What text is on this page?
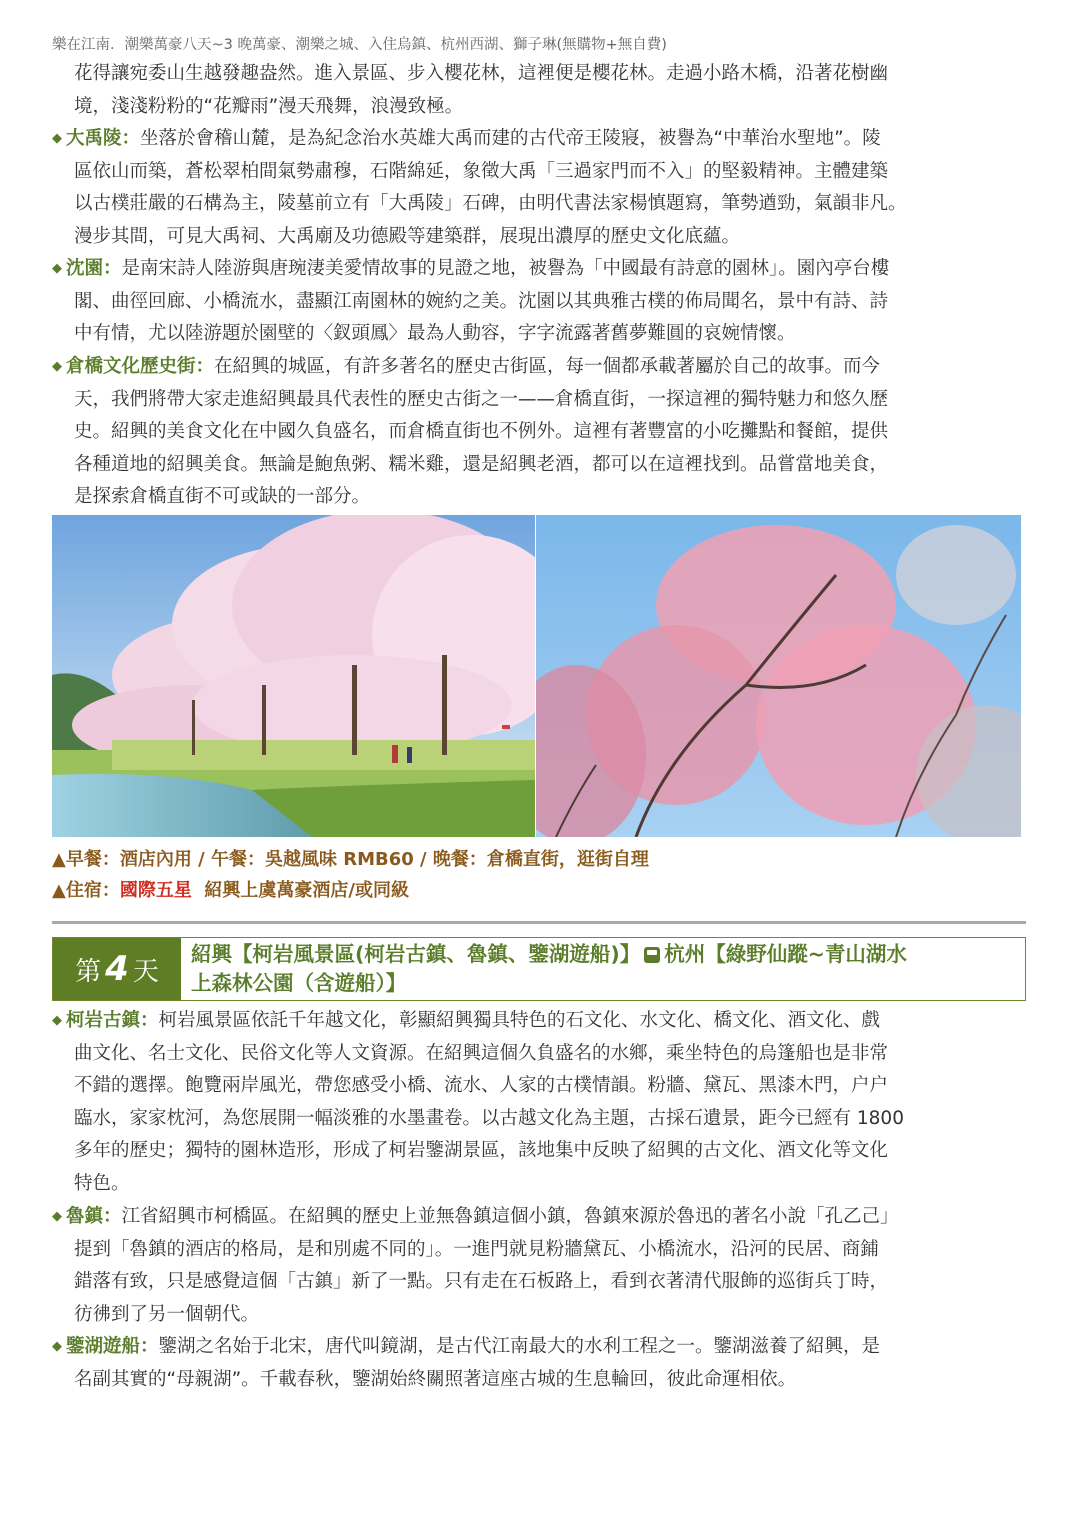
樂在江南．潮樂萬豪八天~3 晚萬豪、潮樂之城、入住烏鎮、杭州西湖、獅子琳(無購物+無自費)
花得讓宛委山生越發趣盎然。進入景區、步入櫻花林，這裡便是櫻花林。走過小路木橋，沿著花樹幽
境，淺淺粉粉的“花瓣雨”漫天飛舞，浪漫致極。
◆ 大禹陵：坐落於會稽山麓，是為紀念治水英雄大禹而建的古代帝王陵寢，被譽為“中華治水聖地”。陵
區依山而築，蒼松翠柏間氣勢肅穆，石階綿延，象徵大禹「三過家門而不入」的堅毅精神。主體建築
以古樸莊嚴的石構為主，陵墓前立有「大禹陵」石碑，由明代書法家楊慎題寫，筆勢遒勁，氣韻非凡。
漫步其間，可見大禹祠、大禹廟及功德殿等建築群，展現出濃厚的歷史文化底蘊。
◆ 沈園：是南宋詩人陸游與唐琬淒美愛情故事的見證之地，被譽為「中國最有詩意的園林」。園內亭台樓
閣、曲徑回廊、小橋流水，盡顯江南園林的婉約之美。沈園以其典雅古樸的佈局聞名，景中有詩、詩
中有情，尤以陸游題於園壁的〈釵頭鳳〉最為人動容，字字流露著舊夢難圓的哀婉情懷。
◆ 倉橋文化歷史街：在紹興的城區，有許多著名的歷史古街區，每一個都承載著屬於自己的故事。而今
天，我們將帶大家走進紹興最具代表性的歷史古街之一——倉橋直街，一探這裡的獨特魅力和悠久歷
史。紹興的美食文化在中國久負盛名，而倉橋直街也不例外。這裡有著豐富的小吃攤點和餐館，提供
各種道地的紹興美食。無論是鮑魚粥、糯米雞，還是紹興老酒，都可以在這裡找到。品嘗當地美食，
是探索倉橋直街不可或缺的一部分。
▲早餐：酒店內用 / 午餐：吳越風味 RMB60 / 晚餐：倉橋直街，逛街自理
▲住宿：國際五星 紹興上虞萬豪酒店/或同級
第 4 天
紹興【柯岩風景區(柯岩古鎮、魯鎮、鑒湖遊船)】 杭州【綠野仙蹤~青山湖水
上森林公園（含遊船）】
◆ 柯岩古鎮：柯岩風景區依託千年越文化，彰顯紹興獨具特色的石文化、水文化、橋文化、酒文化、戲
曲文化、名士文化、民俗文化等人文資源。在紹興這個久負盛名的水鄉，乘坐特色的烏篷船也是非常
不錯的選擇。飽覽兩岸風光，帶您感受小橋、流水、人家的古樸情韻。粉牆、黛瓦、黑漆木門，户户
臨水，家家枕河，為您展開一幅淡雅的水墨畫卷。以古越文化為主題，古採石遺景，距今已經有 1800
多年的歷史；獨特的園林造形，形成了柯岩鑒湖景區，該地集中反映了紹興的古文化、酒文化等文化
特色。
◆ 魯鎮：江省紹興市柯橋區。在紹興的歷史上並無魯鎮這個小鎮，魯鎮來源於魯迅的著名小說「孔乙己」
提到「魯鎮的酒店的格局，是和別處不同的」。一進門就見粉牆黛瓦、小橋流水，沿河的民居、商鋪
錯落有致，只是感覺這個「古鎮」新了一點。只有走在石板路上，看到衣著清代服飾的巡街兵丁時，
彷彿到了另一個朝代。
◆ 鑒湖遊船：鑒湖之名始于北宋，唐代叫鏡湖，是古代江南最大的水利工程之一。鑒湖滋養了紹興，是
名副其實的“母親湖”。千載春秋，鑒湖始終關照著這座古城的生息輪回，彼此命運相依。
